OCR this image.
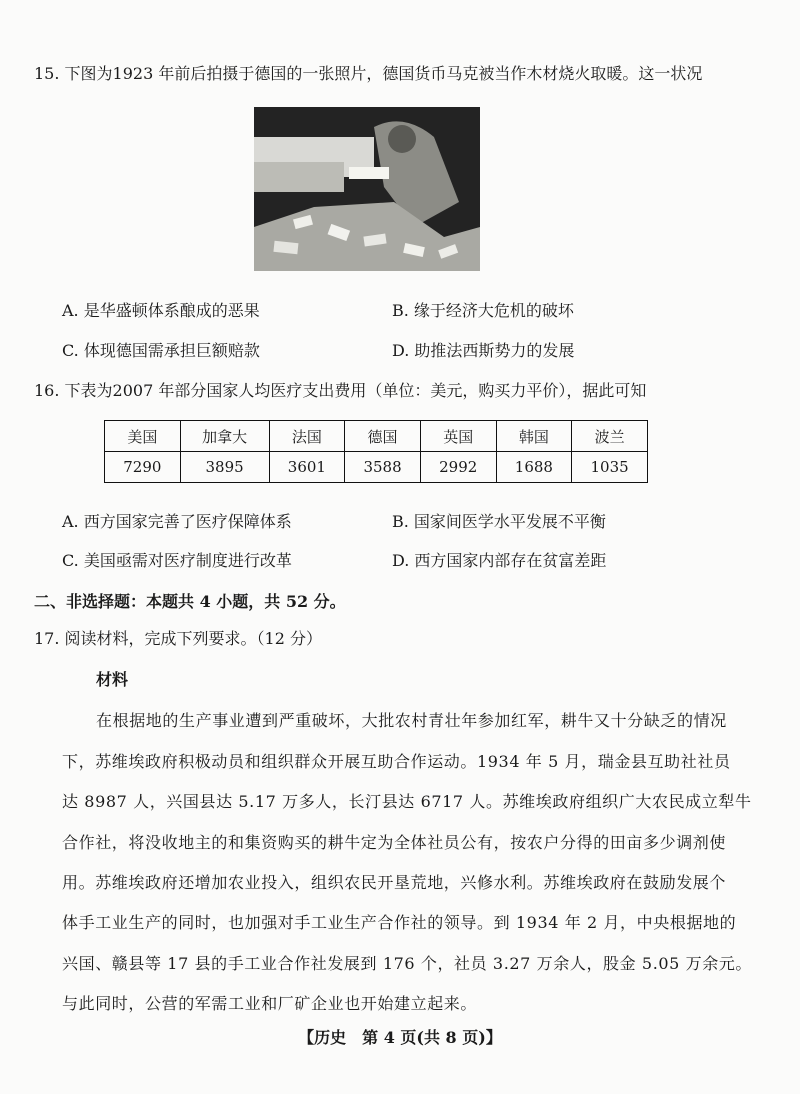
15. 下图为1923 年前后拍摄于德国的一张照片，德国货币马克被当作木材烧火取暖。这一状况
A. 是华盛顿体系酿成的恶果	B. 缘于经济大危机的破坏
C. 体现德国需承担巨额赔款	D. 助推法西斯势力的发展
16. 下表为2007 年部分国家人均医疗支出费用（单位：美元，购买力平价），据此可知
美国	加拿大	法国	德国	英国	韩国	波兰
7290	3895	3601	3588	2992	1688	1035
A. 西方国家完善了医疗保障体系	B. 国家间医学水平发展不平衡
C. 美国亟需对医疗制度进行改革	D. 西方国家内部存在贫富差距
二、非选择题：本题共 4 小题，共 52 分。
17. 阅读材料，完成下列要求。（12 分）
材料
在根据地的生产事业遭到严重破坏，大批农村青壮年参加红军，耕牛又十分缺乏的情况
下，苏维埃政府积极动员和组织群众开展互助合作运动。1934 年 5 月，瑞金县互助社社员
达 8987 人，兴国县达 5.17 万多人，长汀县达 6717 人。苏维埃政府组织广大农民成立犁牛
合作社，将没收地主的和集资购买的耕牛定为全体社员公有，按农户分得的田亩多少调剂使
用。苏维埃政府还增加农业投入，组织农民开垦荒地，兴修水利。苏维埃政府在鼓励发展个
体手工业生产的同时，也加强对手工业生产合作社的领导。到 1934 年 2 月，中央根据地的
兴国、赣县等 17 县的手工业合作社发展到 176 个，社员 3.27 万余人，股金 5.05 万余元。
与此同时，公营的军需工业和厂矿企业也开始建立起来。
【历史　第 4 页(共 8 页)】
